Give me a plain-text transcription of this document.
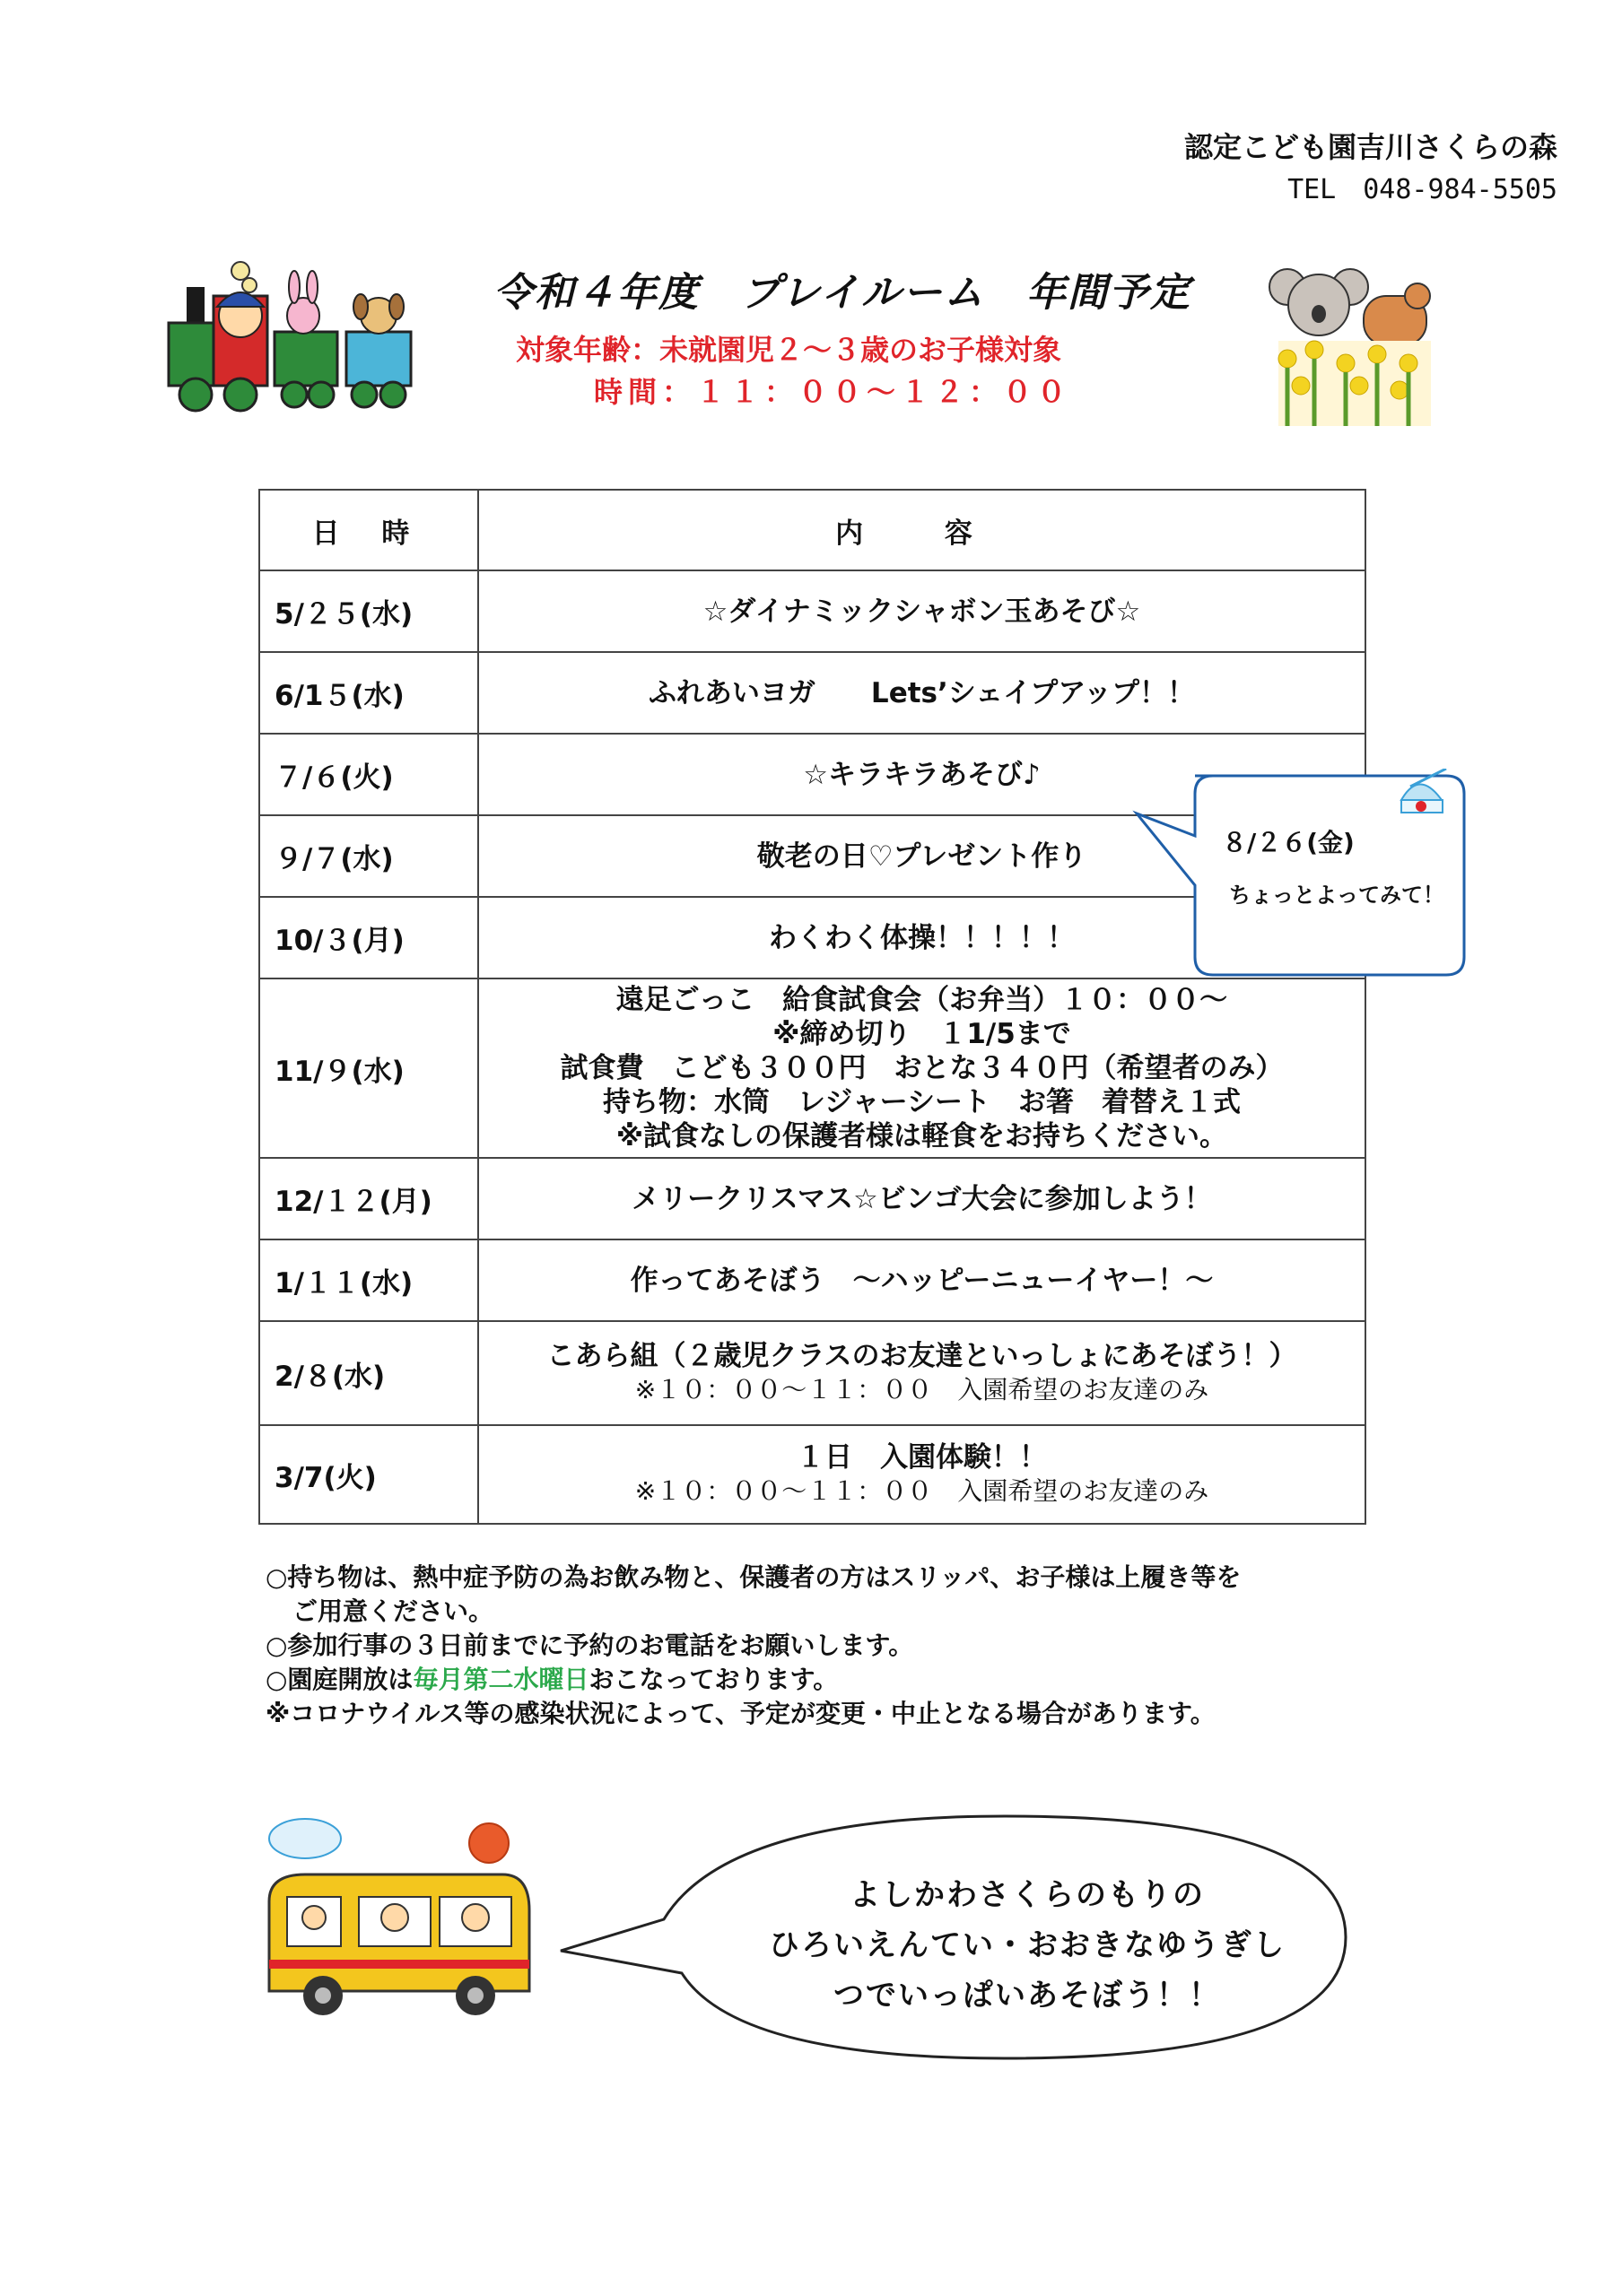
認定こども園吉川さくらの森
TEL　048-984-5505
令和４年度　プレイルーム　年間予定
対象年齢：未就園児２～３歳のお子様対象
時間：１１：００～１２：００
日 時	内 容
5/２５(水)	☆ダイナミックシャボン玉あそび☆

6/1５(水)	ふれあいヨガ　　Lets’シェイプアップ！！

７/６(火)	☆キラキラあそび♪

９/７(水)	敬老の日♡プレゼント作り

10/３(月)	わくわく体操！！！！！

11/９(水)	遠足ごっこ　給食試食会（お弁当）１０：００～
※締め切り　１1/5まで
試食費　こども３００円　おとな３４０円（希望者のみ）
持ち物：水筒　レジャーシート　お箸　着替え１式
※試食なしの保護者様は軽食をお持ちください。

12/１２(月)	メリークリスマス☆ビンゴ大会に参加しよう！

1/１１(水)	作ってあそぼう　～ハッピーニューイヤー！～

2/８(水)	こあら組（２歳児クラスのお友達といっしょにあそぼう！）
※１０：００～１１：００　入園希望のお友達のみ

3/7(火)	１日　入園体験！！
※１０：００～１１：００　入園希望のお友達のみ
８/２６(金)
ちょっとよってみて！
○持ち物は、熱中症予防の為お飲み物と、保護者の方はスリッパ、お子様は上履き等を
ご用意ください。
○参加行事の３日前までに予約のお電話をお願いします。
○園庭開放は毎月第二水曜日おこなっております。
※コロナウイルス等の感染状況によって、予定が変更・中止となる場合があります。
よしかわさくらのもりの
ひろいえんてい・おおきなゆうぎし
つでいっぱいあそぼう！！
